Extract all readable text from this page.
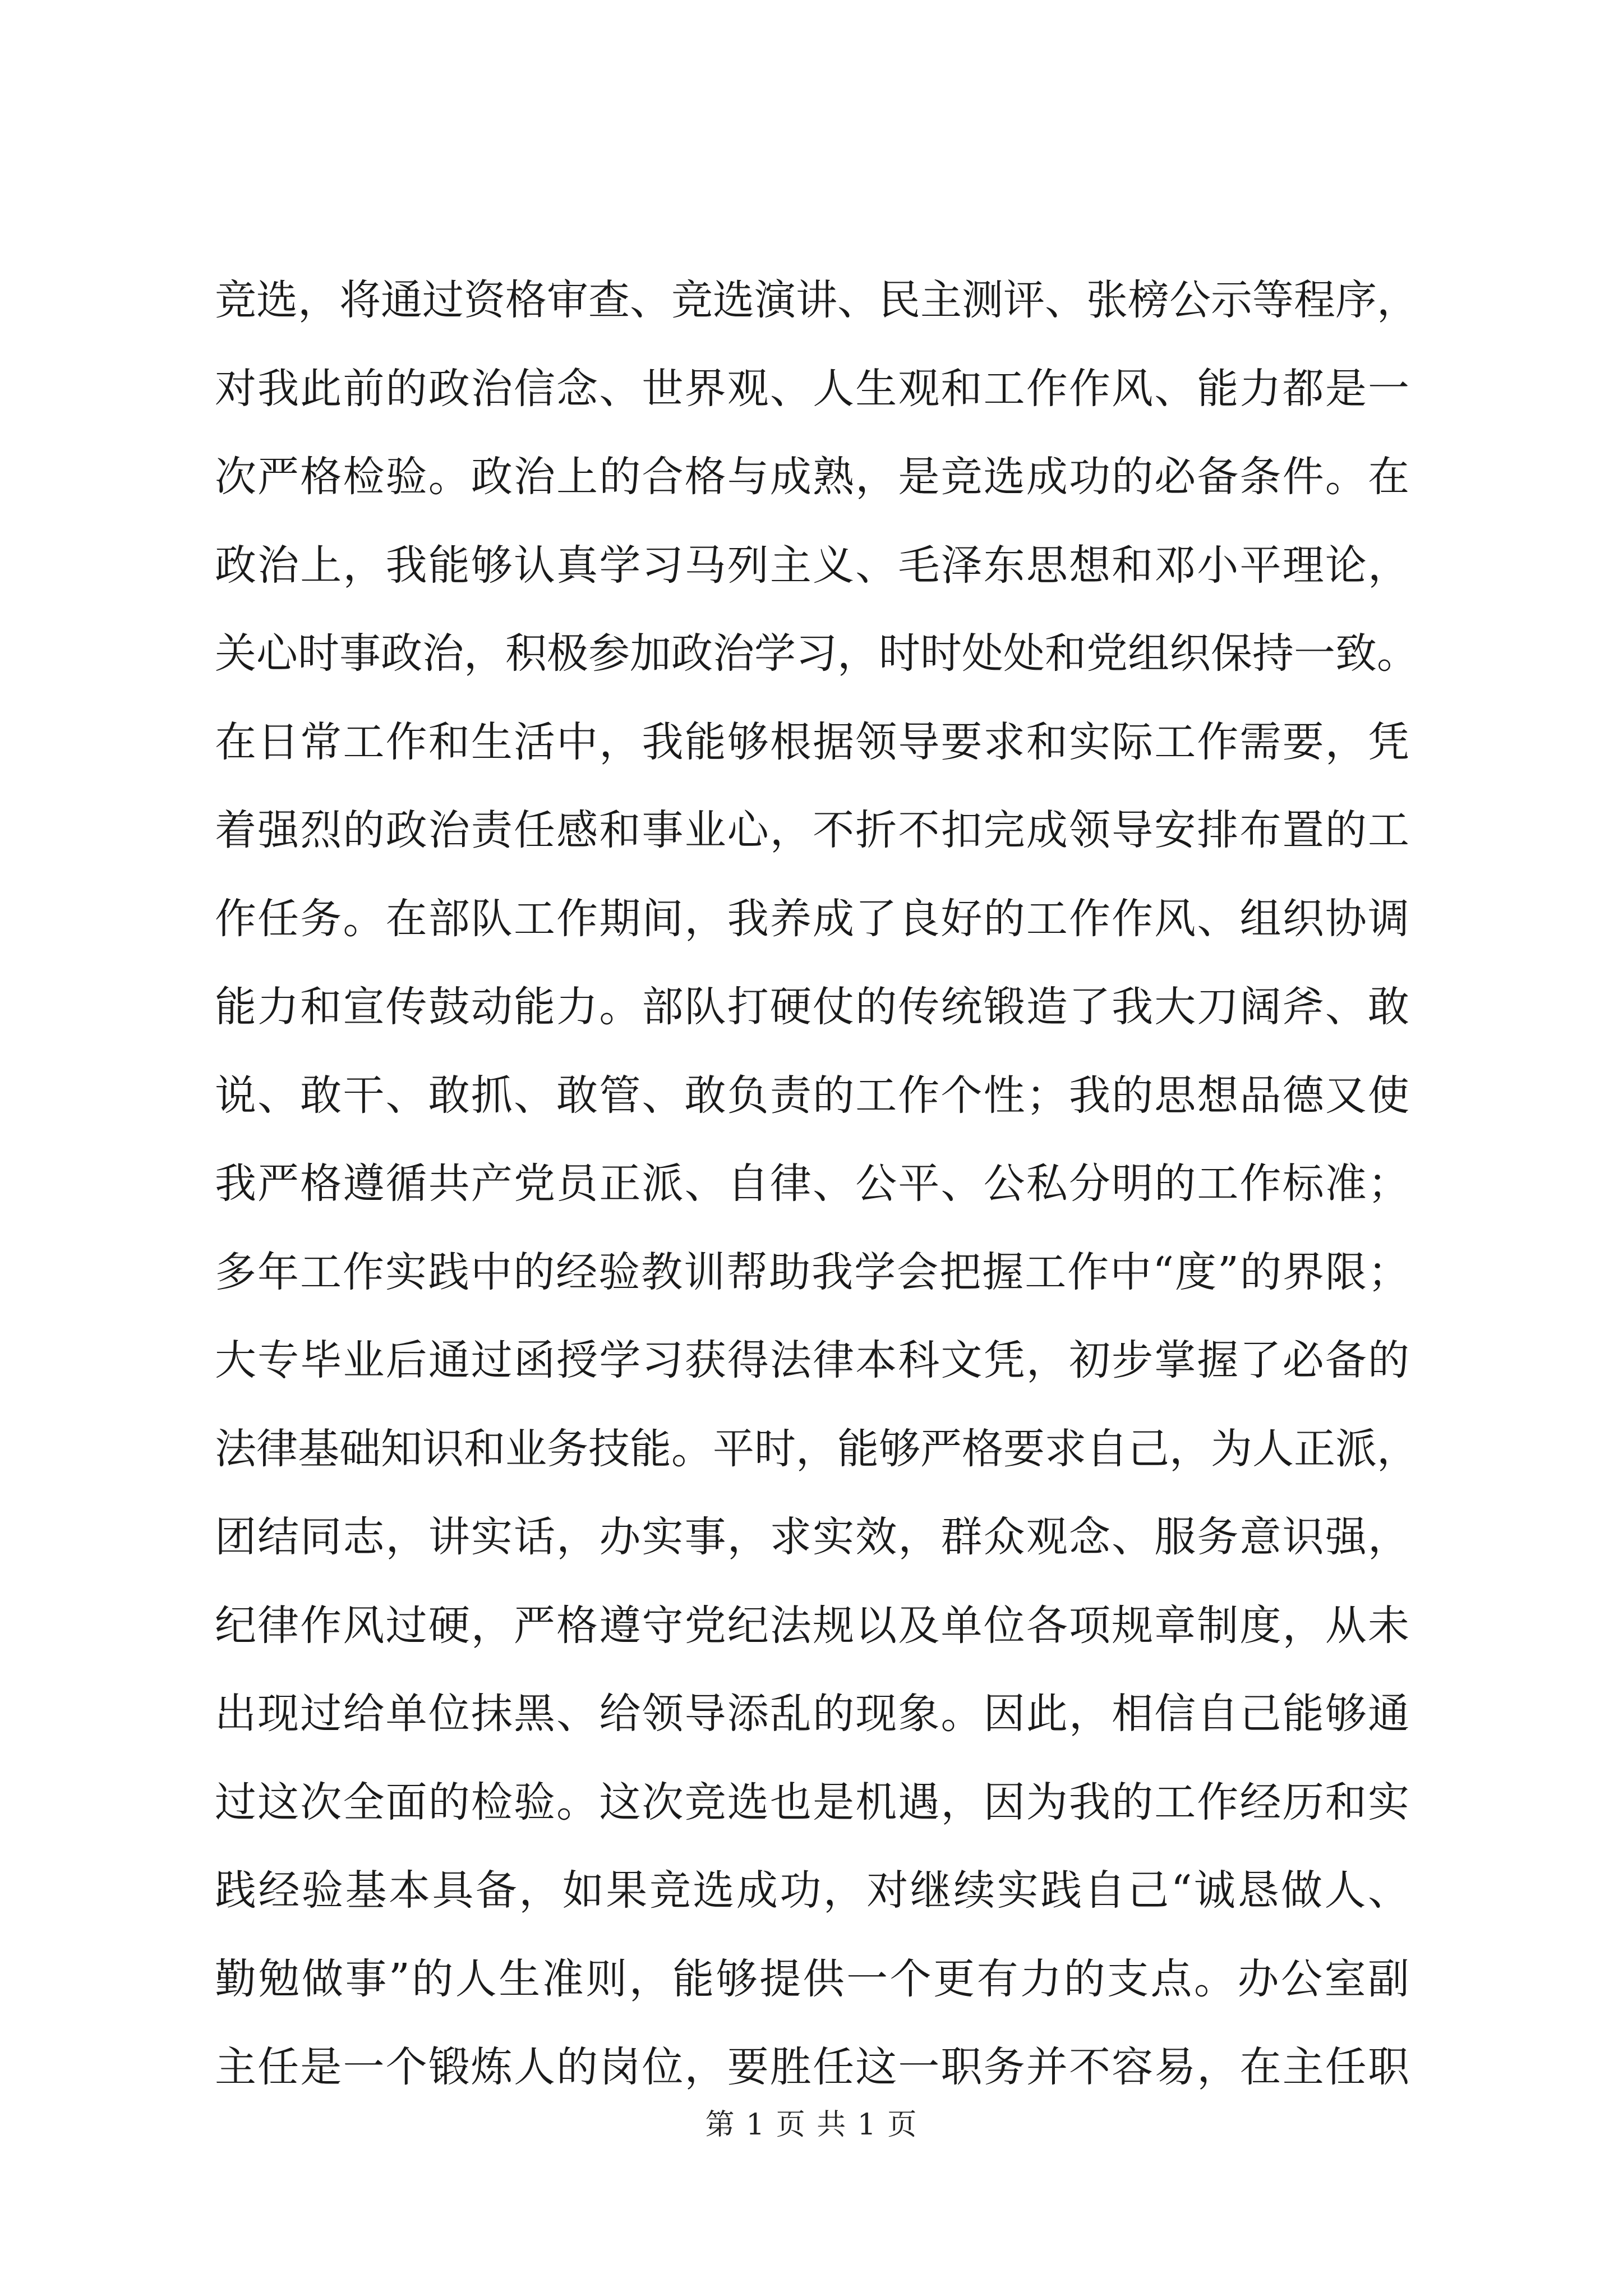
竞选，将通过资格审查、竞选演讲、民主测评、张榜公示等程序，
对我此前的政治信念、世界观、人生观和工作作风、能力都是一
次严格检验。政治上的合格与成熟，是竞选成功的必备条件。在
政治上，我能够认真学习马列主义、毛泽东思想和邓小平理论，
关心时事政治，积极参加政治学习，时时处处和党组织保持一致。
在日常工作和生活中，我能够根据领导要求和实际工作需要，凭
着强烈的政治责任感和事业心，不折不扣完成领导安排布置的工
作任务。在部队工作期间，我养成了良好的工作作风、组织协调
能力和宣传鼓动能力。部队打硬仗的传统锻造了我大刀阔斧、敢
说、敢干、敢抓、敢管、敢负责的工作个性；我的思想品德又使
我严格遵循共产党员正派、自律、公平、公私分明的工作标准；
多年工作实践中的经验教训帮助我学会把握工作中“度”的界限；
大专毕业后通过函授学习获得法律本科文凭，初步掌握了必备的
法律基础知识和业务技能。平时，能够严格要求自己，为人正派，
团结同志，讲实话，办实事，求实效，群众观念、服务意识强，
纪律作风过硬，严格遵守党纪法规以及单位各项规章制度，从未
出现过给单位抹黑、给领导添乱的现象。因此，相信自己能够通
过这次全面的检验。这次竞选也是机遇，因为我的工作经历和实
践经验基本具备，如果竞选成功，对继续实践自己“诚恳做人、
勤勉做事”的人生准则，能够提供一个更有力的支点。办公室副
主任是一个锻炼人的岗位，要胜任这一职务并不容易，在主任职
第 1 页 共 1 页
